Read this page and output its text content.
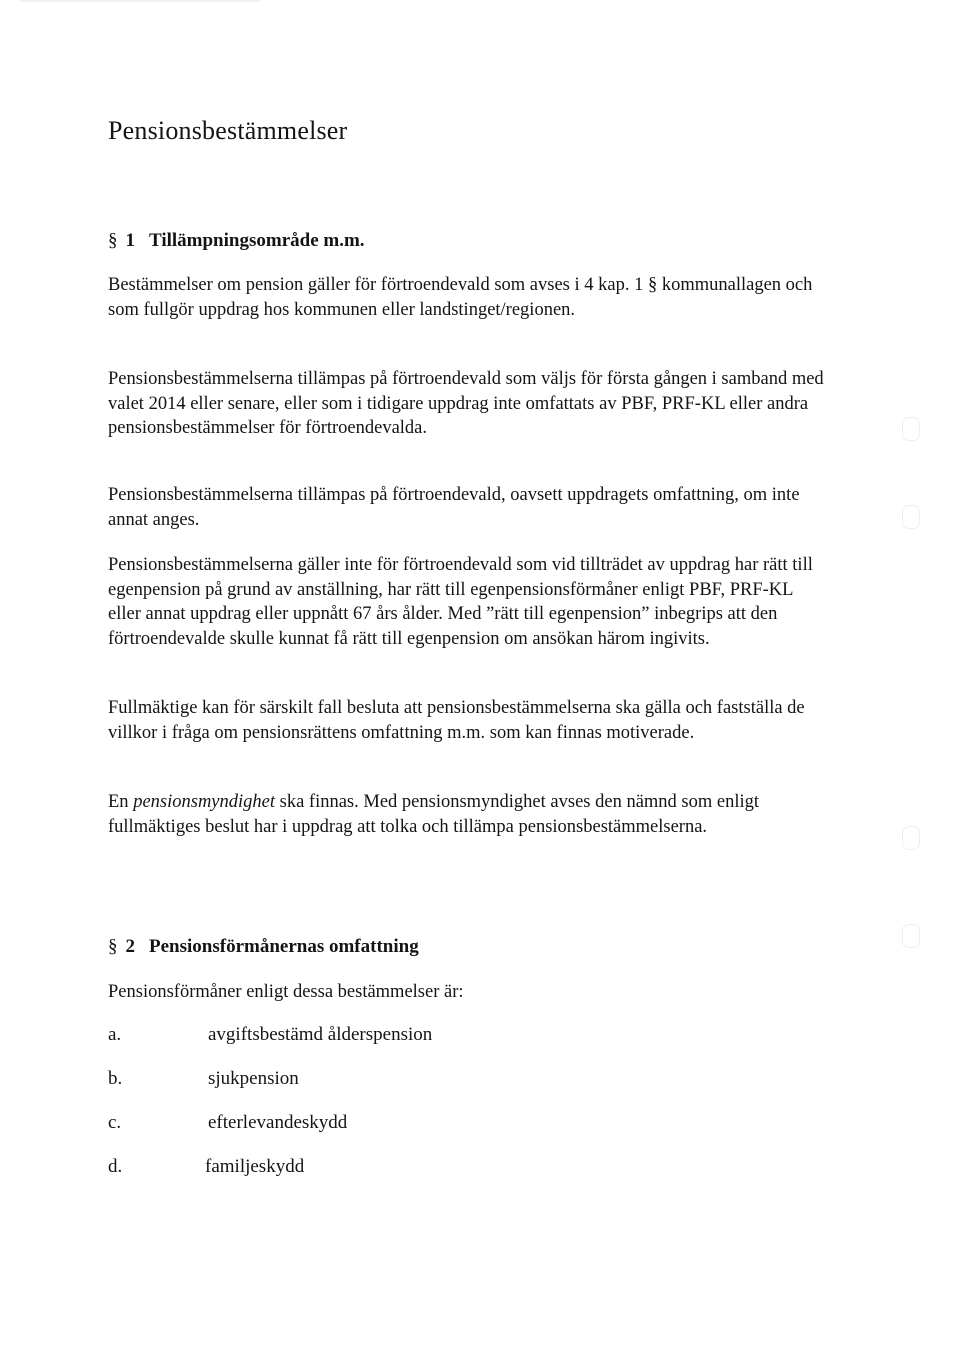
Pensionsbestämmelser
§ 1 Tillämpningsområde m.m.

Bestämmelser om pension gäller för förtroendevald som avses i 4 kap. 1 § kommunallagen och som fullgör uppdrag hos kommunen eller landstinget/regionen.

Pensionsbestämmelserna tillämpas på förtroendevald som väljs för första gången i samband med valet 2014 eller senare, eller som i tidigare uppdrag inte omfattats av PBF, PRF-KL eller andra pensionsbestämmelser för förtroendevalda.

Pensionsbestämmelserna tillämpas på förtroendevald, oavsett uppdragets omfattning, om inte annat anges.

Pensionsbestämmelserna gäller inte för förtroendevald som vid tillträdet av uppdrag har rätt till egenpension på grund av anställning, har rätt till egenpensionsförmåner enligt PBF, PRF-KL eller annat uppdrag eller uppnått 67 års ålder. Med ”rätt till egenpension” inbegrips att den förtroendevalde skulle kunnat få rätt till egenpension om ansökan härom ingivits.

Fullmäktige kan för särskilt fall besluta att pensionsbestämmelserna ska gälla och fastställa de villkor i fråga om pensionsrättens omfattning m.m. som kan finnas motiverade.

En pensionsmyndighet ska finnas. Med pensionsmyndighet avses den nämnd som enligt fullmäktiges beslut har i uppdrag att tolka och tillämpa pensionsbestämmelserna.

§ 2 Pensionsförmånernas omfattning

Pensionsförmåner enligt dessa bestämmelser är:

a.	avgiftsbestämd ålderspension
b.	sjukpension
c.	efterlevandeskydd
d.	familjeskydd
